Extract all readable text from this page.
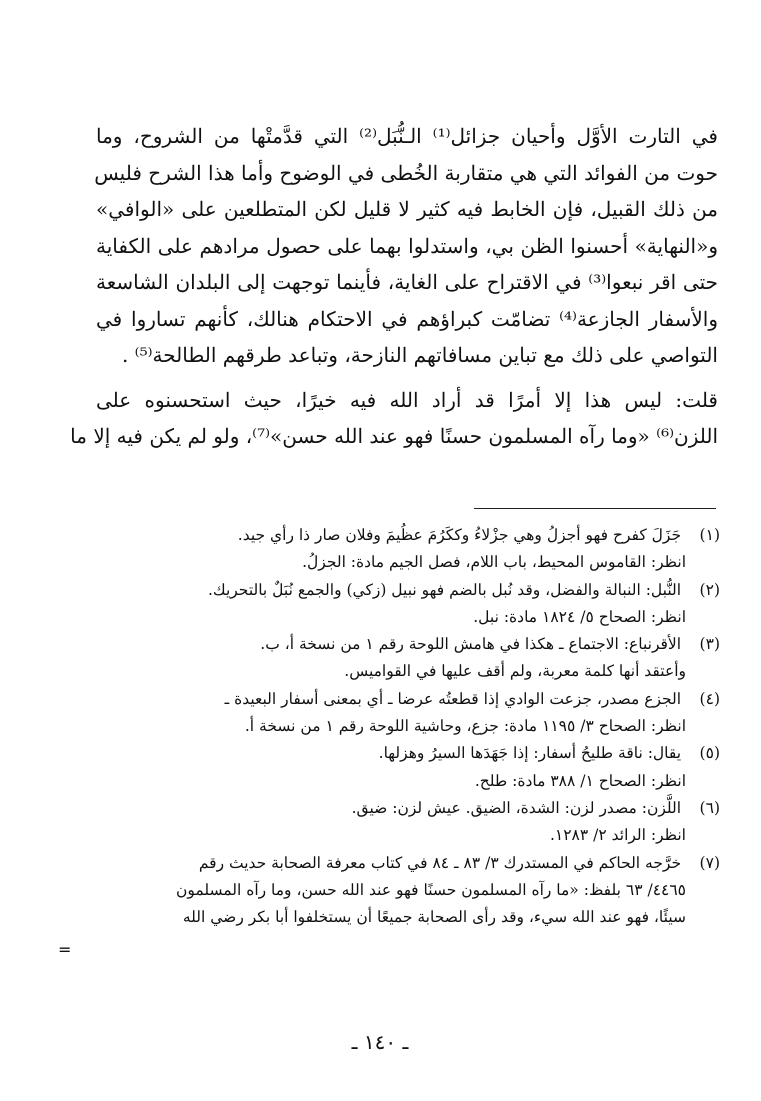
في التارت الأوَّل وأحيان جزائل⁽¹⁾ الـنُّبَل⁽²⁾ التي قدَّمتْها من الشروح، وما
حوت من الفوائد التي هي متقاربة الخُطى في الوضوح وأما هذا الشرح فليس
من ذلك القبيل، فإن الخابط فيه كثير لا قليل لكن المتطلعين على «الوافي»
و«النهاية» أحسنوا الظن بي، واستدلوا بهما على حصول مرادهم على الكفاية
حتى اقر نبعوا⁽³⁾ في الاقتراح على الغاية، فأينما توجهت إلى البلدان الشاسعة
والأسفار الجازعة⁽⁴⁾ تضامّت كبراؤهم في الاحتكام هنالك، كأنهم تساروا في
التواصي على ذلك مع تباين مسافاتهم النازحة، وتباعد طرقهم الطالحة⁽⁵⁾ .
قلت: ليس هذا إلا أمرًا قد أراد الله فيه خيرًا، حيث استحسنوه على
اللزن⁽⁶⁾ «وما رآه المسلمون حسنًا فهو عند الله حسن»⁽⁷⁾، ولو لم يكن فيه إلا ما
(١) جَزَلَ كفرح فهو أجزلُ وهي جزْلاءُ وككَرُمَ عظُيمَ وفلان صار ذا رأي جيد.
انظر: القاموس المحيط، باب اللام، فصل الجيم مادة: الجزلُ.
(٢) النُّبل: النبالة والفضل، وقد نُبل بالضم فهو نبيل (زكي) والجمع نُبَلٌ بالتحريك.
انظر: الصحاح ٥/ ١٨٢٤ مادة: نبل.
(٣) الأقرنباع: الاجتماع ـ هكذا في هامش اللوحة رقم ١ من نسخة أ، ب.
وأعتقد أنها كلمة معربة، ولم أقف عليها في القواميس.
(٤) الجزع مصدر، جزعت الوادي إذا قطعتُه عرضا ـ أي بمعنى أسفار البعيدة ـ
انظر: الصحاح ٣/ ١١٩٥ مادة: جزع، وحاشية اللوحة رقم ١ من نسخة أ.
(٥) يقال: ناقة طليحُ أسفار: إذا جَهَدَها السيرُ وهزلها.
انظر: الصحاح ١/ ٣٨٨ مادة: طلح.
(٦) اللَّزن: مصدر لزن: الشدة، الضيق. عيش لزن: ضيق.
انظر: الرائد ٢/ ١٢٨٣.
(٧) خرَّجه الحاكم في المستدرك ٣/ ٨٣ ـ ٨٤ في كتاب معرفة الصحابة حديث رقم
٤٤٦٥/ ٦٣ بلفظ: «ما رآه المسلمون حسنًا فهو عند الله حسن، وما رآه المسلمون
سيئًا، فهو عند الله سيء، وقد رأى الصحابة جميعًا أن يستخلفوا أبا بكر رضي الله
=
ـ ١٤٠ ـ
